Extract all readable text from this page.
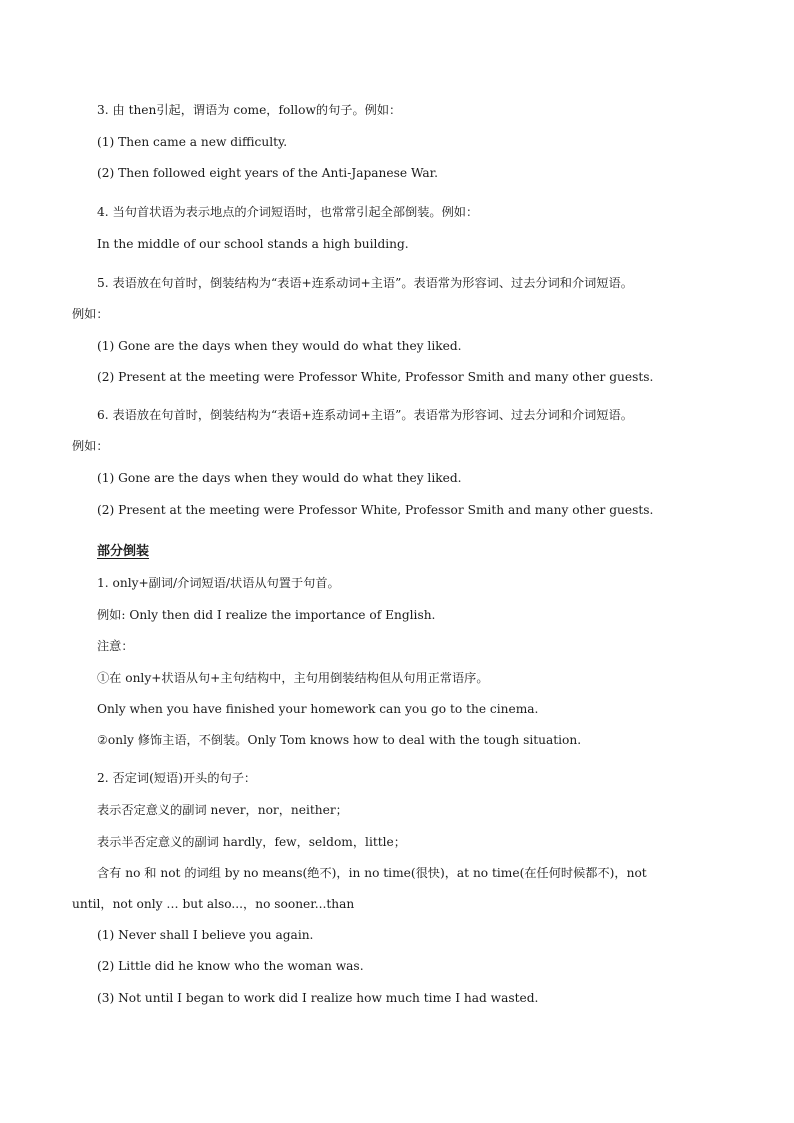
3. 由 then引起，谓语为 come，follow的句子。例如：
(1) Then came a new difficulty.
(2) Then followed eight years of the Anti-Japanese War.
4. 当句首状语为表示地点的介词短语时，也常常引起全部倒装。例如：
In the middle of our school stands a high building.
5. 表语放在句首时，倒装结构为“表语+连系动词+主语”。表语常为形容词、过去分词和介词短语。
例如：
(1) Gone are the days when they would do what they liked.
(2) Present at the meeting were Professor White, Professor Smith and many other guests.
6. 表语放在句首时，倒装结构为“表语+连系动词+主语”。表语常为形容词、过去分词和介词短语。
例如：
(1) Gone are the days when they would do what they liked.
(2) Present at the meeting were Professor White, Professor Smith and many other guests.
部分倒装
1. only+副词/介词短语/状语从句置于句首。
例如: Only then did I realize the importance of English.
注意：
①在 only+状语从句+主句结构中，主句用倒装结构但从句用正常语序。
Only when you have finished your homework can you go to the cinema.
②only 修饰主语，不倒装。Only Tom knows how to deal with the tough situation.
2. 否定词(短语)开头的句子：
表示否定意义的副词 never，nor，neither；
表示半否定意义的副词 hardly，few，seldom，little；
含有 no 和 not 的词组 by no means(绝不)，in no time(很快)，at no time(在任何时候都不)，not
until，not only … but also...，no sooner...than
(1) Never shall I believe you again.
(2) Little did he know who the woman was.
(3) Not until I began to work did I realize how much time I had wasted.
